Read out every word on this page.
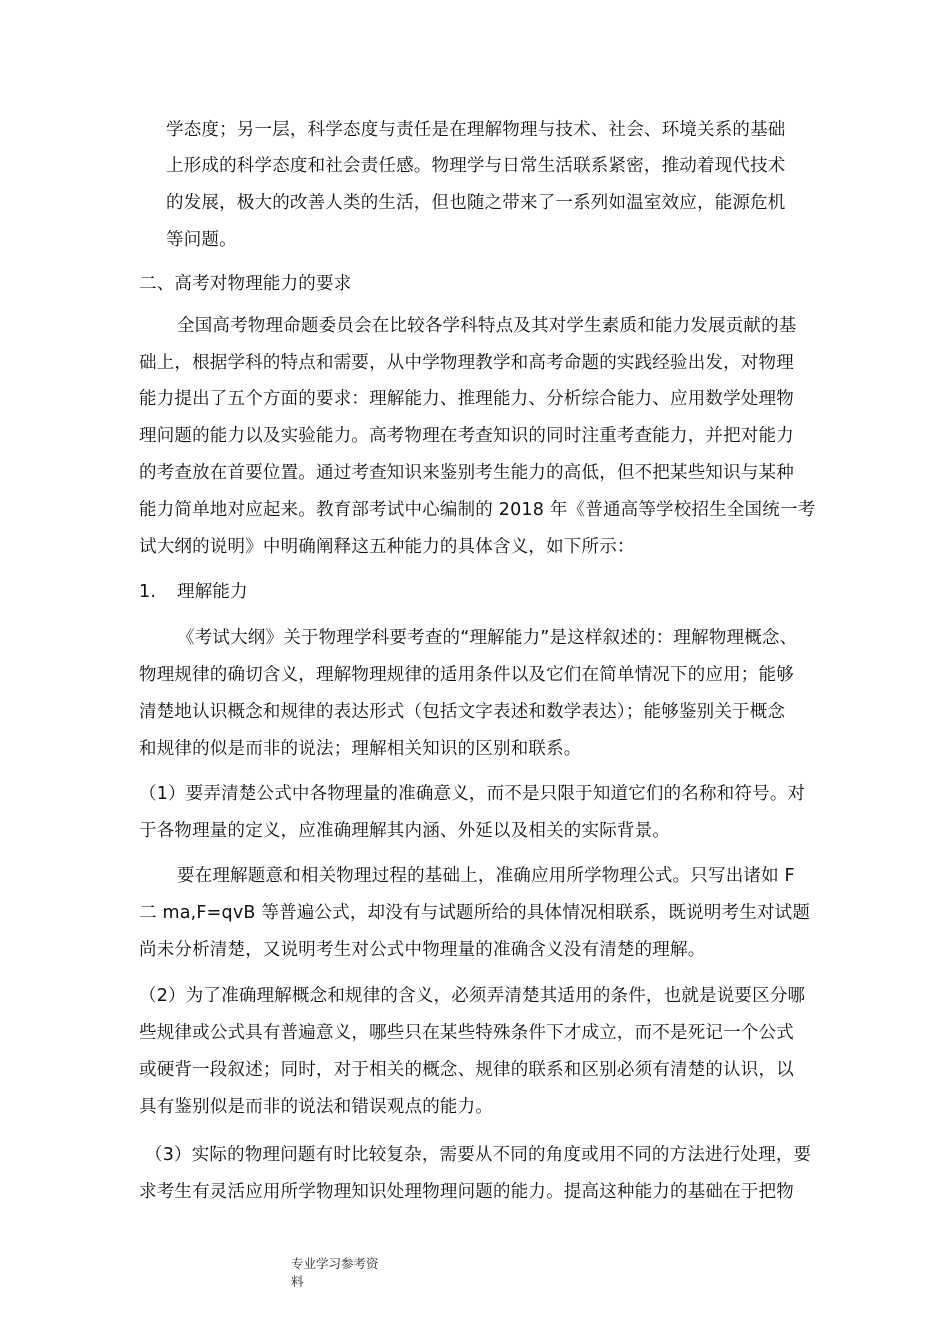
学态度；另一层，科学态度与责任是在理解物理与技术、社会、环境关系的基础
上形成的科学态度和社会责任感。物理学与日常生活联系紧密，推动着现代技术
的发展，极大的改善人类的生活，但也随之带来了一系列如温室效应，能源危机
等问题。
二、高考对物理能力的要求
全国高考物理命题委员会在比较各学科特点及其对学生素质和能力发展贡献的基
础上，根据学科的特点和需要，从中学物理教学和高考命题的实践经验出发，对物理
能力提出了五个方面的要求：理解能力、推理能力、分析综合能力、应用数学处理物
理问题的能力以及实验能力。高考物理在考查知识的同时注重考查能力，并把对能力
的考查放在首要位置。通过考查知识来鉴别考生能力的高低，但不把某些知识与某种
能力简单地对应起来。教育部考试中心编制的 2018 年《普通高等学校招生全国统一考
试大纲的说明》中明确阐释这五种能力的具体含义，如下所示：
1. 理解能力
《考试大纲》关于物理学科要考查的“理解能力”是这样叙述的：理解物理概念、
物理规律的确切含义，理解物理规律的适用条件以及它们在简单情况下的应用；能够
清楚地认识概念和规律的表达形式（包括文字表述和数学表达）；能够鉴别关于概念
和规律的似是而非的说法；理解相关知识的区别和联系。
（1）要弄清楚公式中各物理量的准确意义，而不是只限于知道它们的名称和符号。对
于各物理量的定义，应准确理解其内涵、外延以及相关的实际背景。
要在理解题意和相关物理过程的基础上，准确应用所学物理公式。只写出诸如 F
二 ma,F=qvB 等普遍公式，却没有与试题所给的具体情况相联系，既说明考生对试题
尚未分析清楚，又说明考生对公式中物理量的准确含义没有清楚的理解。
（2）为了准确理解概念和规律的含义，必须弄清楚其适用的条件，也就是说要区分哪
些规律或公式具有普遍意义，哪些只在某些特殊条件下才成立，而不是死记一个公式
或硬背一段叙述；同时，对于相关的概念、规律的联系和区别必须有清楚的认识，以
具有鉴别似是而非的说法和错误观点的能力。
（3）实际的物理问题有时比较复杂，需要从不同的角度或用不同的方法进行处理，要
求考生有灵活应用所学物理知识处理物理问题的能力。提高这种能力的基础在于把物
专业学习参考资
料
